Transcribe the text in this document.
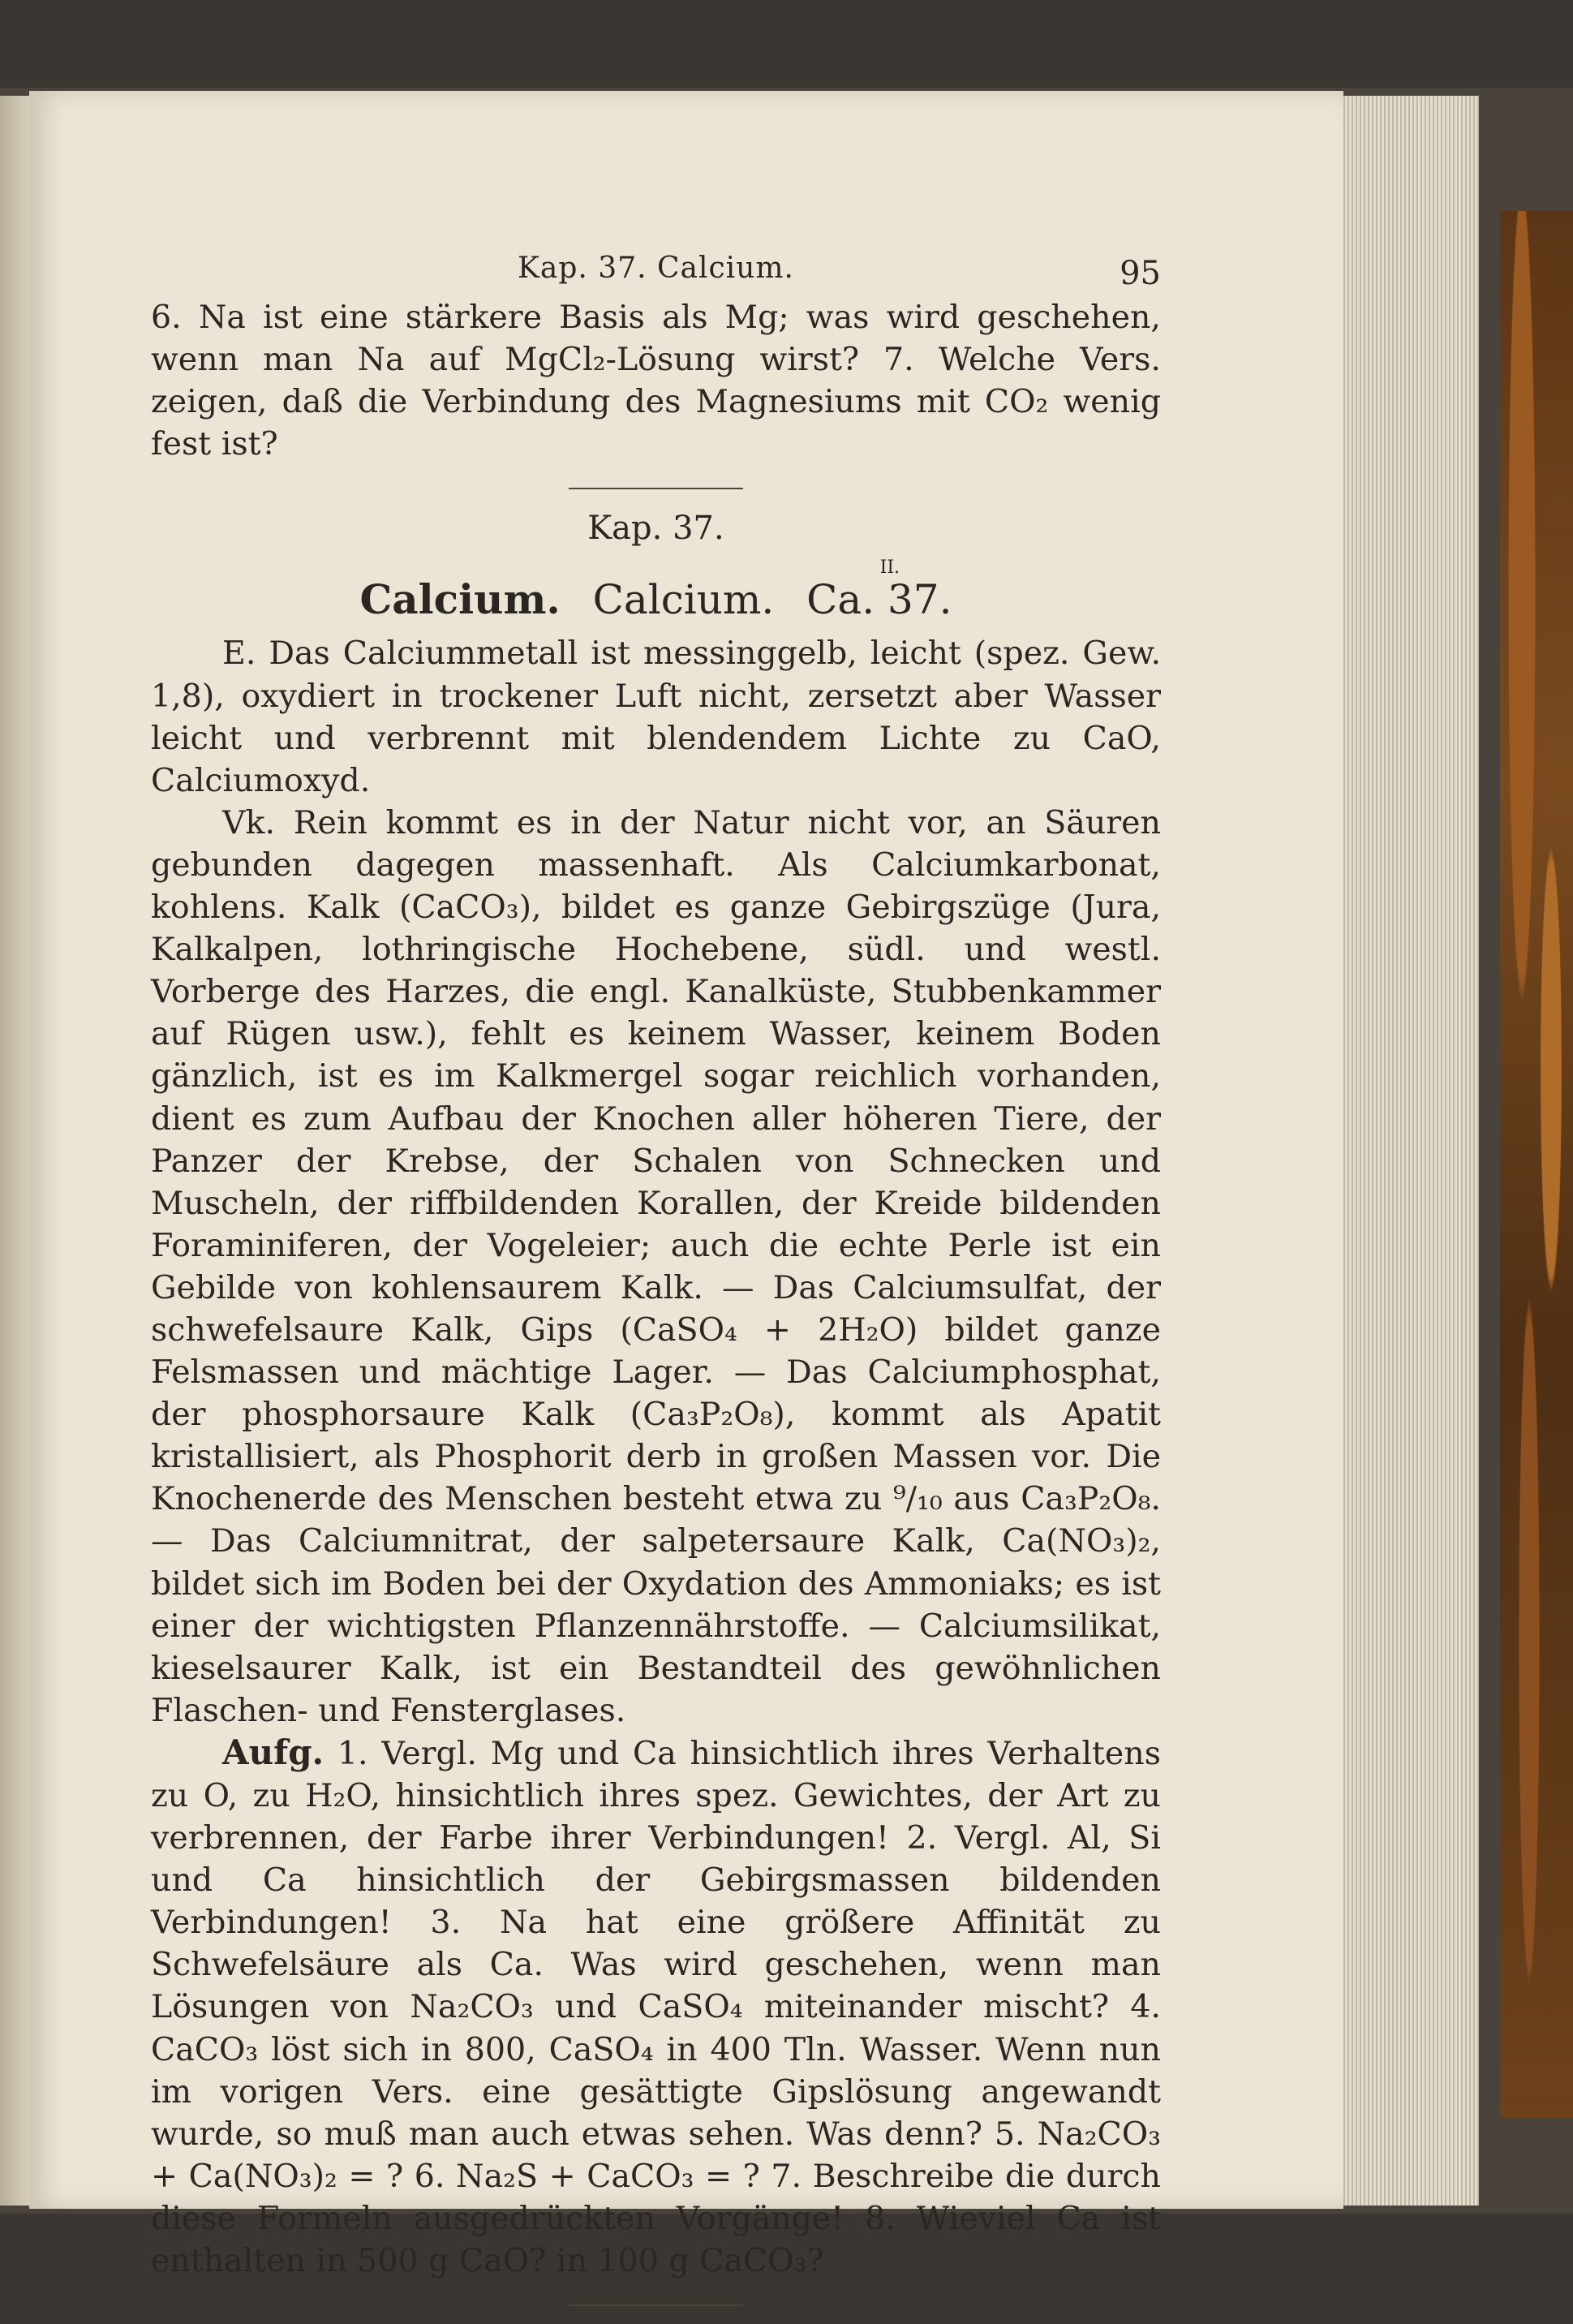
Kap. 37. Calcium.	95

6. Na ist eine stärkere Basis als Mg; was wird geschehen, wenn man Na auf MgCl₂-Lösung wirst? 7. Welche Vers. zeigen, daß die Verbindung des Magnesiums mit CO₂ wenig fest ist?

Kap. 37.

II.

Calcium. Calcium. Ca. 37.

E. Das Calciummetall ist messinggelb, leicht (spez. Gew. 1,8), oxydiert in trockener Luft nicht, zersetzt aber Wasser leicht und verbrennt mit blendendem Lichte zu CaO, Calciumoxyd.

Vk. Rein kommt es in der Natur nicht vor, an Säuren gebunden dagegen massenhaft. Als Calciumkarbonat, kohlens. Kalk (CaCO₃), bildet es ganze Gebirgszüge (Jura, Kalkalpen, lothringische Hochebene, südl. und westl. Vorberge des Harzes, die engl. Kanalküste, Stubbenkammer auf Rügen usw.), fehlt es keinem Wasser, keinem Boden gänzlich, ist es im Kalkmergel sogar reichlich vorhanden, dient es zum Aufbau der Knochen aller höheren Tiere, der Panzer der Krebse, der Schalen von Schnecken und Muscheln, der riffbildenden Korallen, der Kreide bildenden Foraminiferen, der Vogeleier; auch die echte Perle ist ein Gebilde von kohlensaurem Kalk. — Das Calciumsulfat, der schwefelsaure Kalk, Gips (CaSO₄ + 2H₂O) bildet ganze Felsmassen und mächtige Lager. — Das Calciumphosphat, der phosphorsaure Kalk (Ca₃P₂O₈), kommt als Apatit kristallisiert, als Phosphorit derb in großen Massen vor. Die Knochenerde des Menschen besteht etwa zu ⁹/₁₀ aus Ca₃P₂O₈. — Das Calciumnitrat, der salpetersaure Kalk, Ca(NO₃)₂, bildet sich im Boden bei der Oxydation des Ammoniaks; es ist einer der wichtigsten Pflanzennährstoffe. — Calciumsilikat, kieselsaurer Kalk, ist ein Bestandteil des gewöhnlichen Flaschen- und Fensterglases.

Aufg. 1. Vergl. Mg und Ca hinsichtlich ihres Verhaltens zu O, zu H₂O, hinsichtlich ihres spez. Gewichtes, der Art zu verbrennen, der Farbe ihrer Verbindungen! 2. Vergl. Al, Si und Ca hinsichtlich der Gebirgsmassen bildenden Verbindungen! 3. Na hat eine größere Affinität zu Schwefelsäure als Ca. Was wird geschehen, wenn man Lösungen von Na₂CO₃ und CaSO₄ miteinander mischt? 4. CaCO₃ löst sich in 800, CaSO₄ in 400 Tln. Wasser. Wenn nun im vorigen Vers. eine gesättigte Gipslösung angewandt wurde, so muß man auch etwas sehen. Was denn? 5. Na₂CO₃ + Ca(NO₃)₂ = ? 6. Na₂S + CaCO₃ = ? 7. Beschreibe die durch diese Formeln ausgedrückten Vorgänge! 8. Wieviel Ca ist enthalten in 500 g CaO? in 100 g CaCO₃?
